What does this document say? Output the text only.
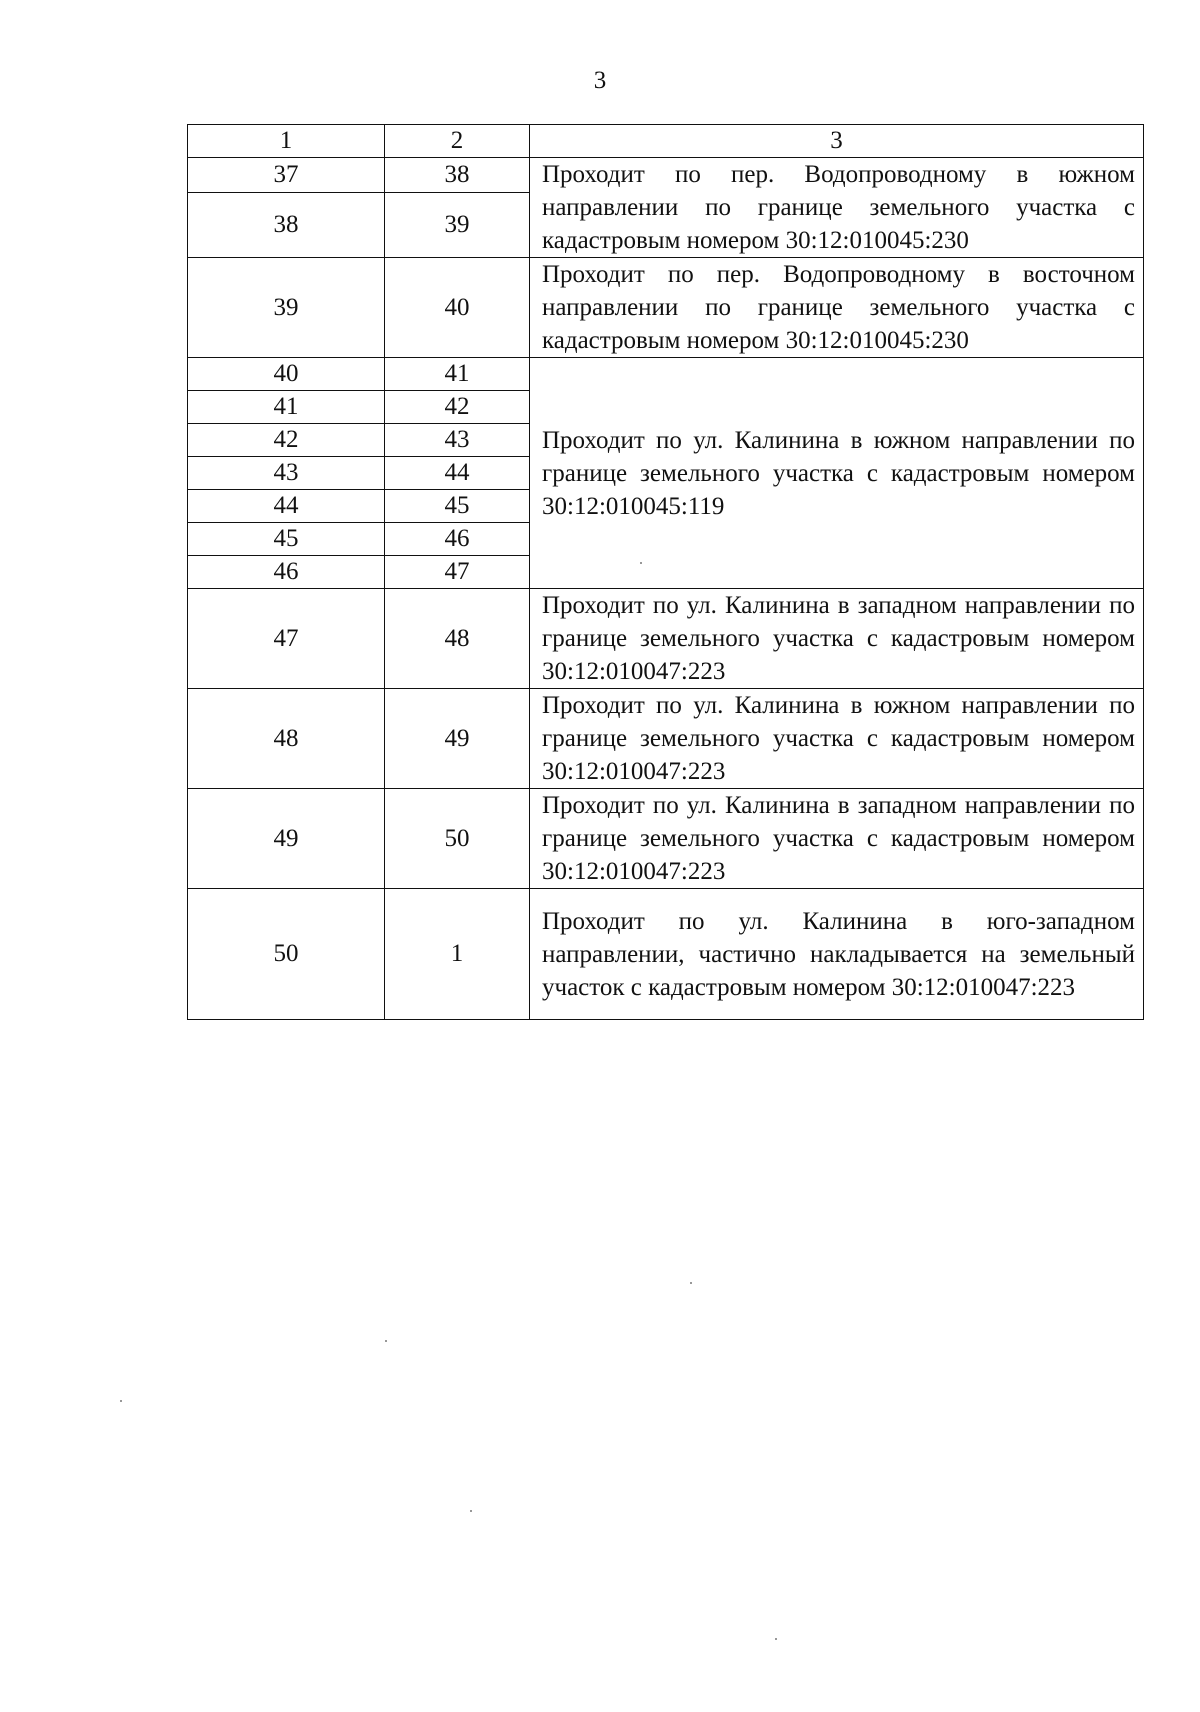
3
1	2	3
37	38	Проходит по пер. Водопроводному в южном направлении по границе земельного участка с кадастровым номером 30:12:010045:230
38	39	
39	40	Проходит по пер. Водопроводному в восточном направлении по границе земельного участка с кадастровым номером 30:12:010045:230
40	41	Проходит по ул. Калинина в южном направлении по границе земельного участка с кадастровым номером 30:12:010045:119
41	42	
42	43	
43	44	
44	45	
45	46	
46	47	
47	48	Проходит по ул. Калинина в западном направлении по границе земельного участка с кадастровым номером 30:12:010047:223
48	49	Проходит по ул. Калинина в южном направлении по границе земельного участка с кадастровым номером 30:12:010047:223
49	50	Проходит по ул. Калинина в западном направлении по границе земельного участка с кадастровым номером 30:12:010047:223
50	1	Проходит по ул. Калинина в юго-западном направлении, частично накладывается на земельный участок с кадастровым номером 30:12:010047:223
